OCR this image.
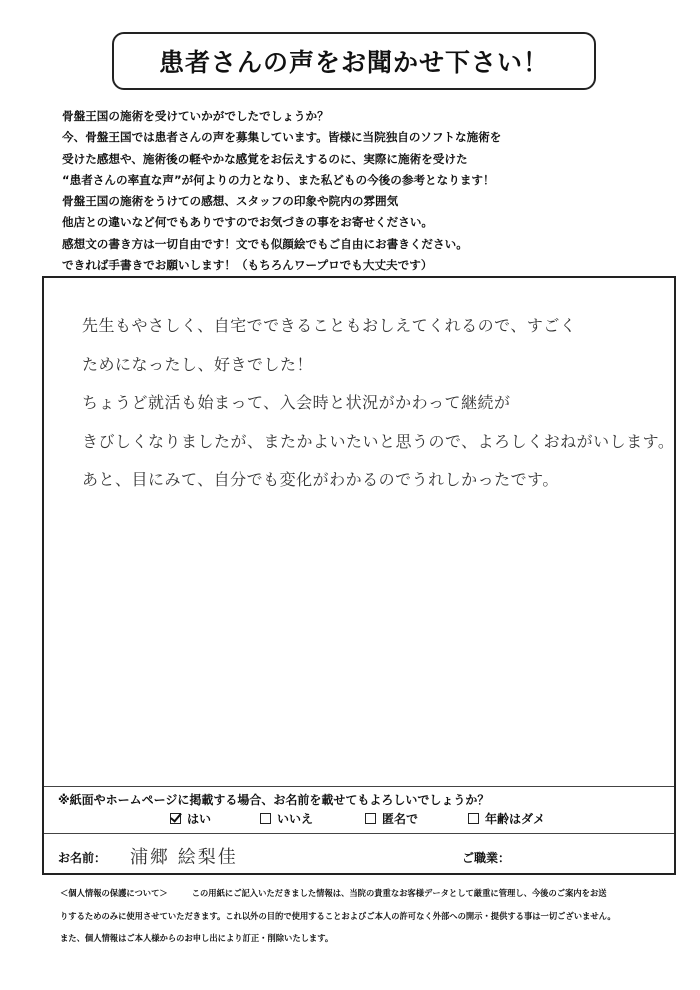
患者さんの声をお聞かせ下さい！
骨盤王国の施術を受けていかがでしたでしょうか？
今、骨盤王国では患者さんの声を募集しています。皆様に当院独自のソフトな施術を
受けた感想や、施術後の軽やかな感覚をお伝えするのに、実際に施術を受けた
“患者さんの率直な声”が何よりの力となり、また私どもの今後の参考となります！
骨盤王国の施術をうけての感想、スタッフの印象や院内の雰囲気
他店との違いなど何でもありですのでお気づきの事をお寄せください。
感想文の書き方は一切自由です！文でも似顔絵でもご自由にお書きください。
できれば手書きでお願いします！（もちろんワープロでも大丈夫です）
先生もやさしく、自宅でできることもおしえてくれるので、すごく
ためになったし、好きでした！
ちょうど就活も始まって、入会時と状況がかわって継続が
きびしくなりましたが、またかよいたいと思うので、よろしくおねがいします。
あと、目にみて、自分でも変化がわかるのでうれしかったです。
※紙面やホームページに掲載する場合、お名前を載せてもよろしいでしょうか？
はい	いいえ	匿名で	年齢はダメ
お名前： 浦郷 絵梨佳	ご職業：
＜個人情報の保護について＞	この用紙にご記入いただきました情報は、当院の貴重なお客様データとして厳重に管理し、今後のご案内をお送
りするためのみに使用させていただきます。これ以外の目的で使用することおよびご本人の許可なく外部への開示・提供する事は一切ございません。
また、個人情報はご本人様からのお申し出により訂正・削除いたします。
